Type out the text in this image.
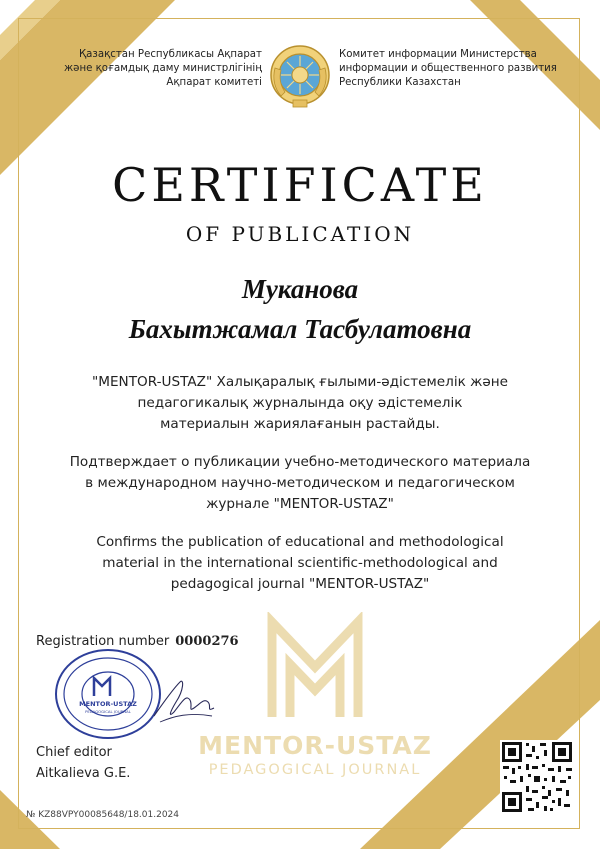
Қазақстан Республикасы Ақпарат
және қоғамдық даму министрлігінің
Ақпарат комитеті
Комитет информации Министерства
информации и общественного развития
Республики Казахстан
CERTIFICATE
OF PUBLICATION
Муканова
Бахытжамал Тасбулатовна
"MENTOR-USTAZ" Халықаралық ғылыми-әдістемелік және
педагогикалық журналында оқу әдістемелік
материалын жариялағанын растайды.
Подтверждает о публикации учебно-методического материала
в международном научно-методическом и педагогическом
журнале "MENTOR-USTAZ"
Confirms the publication of educational and methodological
material in the international scientific-methodological and
pedagogical journal "MENTOR-USTAZ"
MENTOR-USTAZ
PEDAGOGICAL JOURNAL
Registration number 0000276
MENTOR-USTAZ
PEDAGOGICAL JOURNAL
Chief editor
Aitkalieva G.E.
№ KZ88VPY00085648/18.01.2024
